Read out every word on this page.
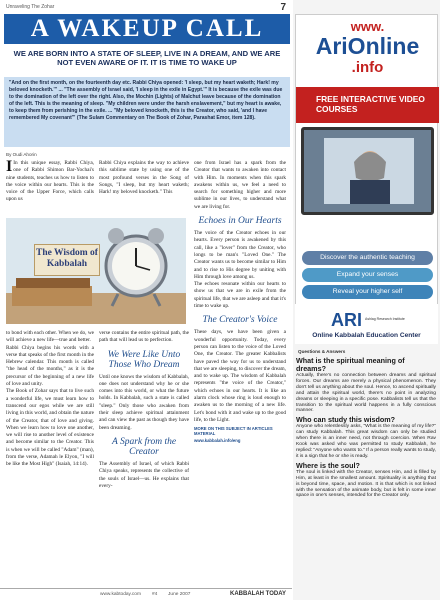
Unraveling The Zohar	7
A WAKEUP CALL
WE ARE BORN INTO A STATE OF SLEEP, LIVE IN A DREAM, AND WE ARE NOT EVEN AWARE OF IT. IT IS TIME TO WAKE UP
"And on the first month, on the fourteenth day etc. Rabbi Chiya opened: 'I sleep, but my heart waketh; Hark! my beloved knocketh.'" ... "The assembly of Israel said, 'I sleep in the exile in Egypt.'" It is because the exile was due to the domination of the left over the right. Also, the Mochin (Lights) of Malchut leave because of the domination of the left. This is the meaning of sleep. "My children were under the harsh enslavement," but my heart is awake, to keep them from perishing in the exile. ... "My beloved knocketh, this is the Creator, who said, 'and I have remembered My covenant'" (The Sulam Commentary on The Book of Zohar, Parashat Emor, item 128).
By Oudi Ahorin

I In this unique essay, Rabbi Chiya, one of Rabbi Shimon Bar-Yochai's nine students, teaches us how to listen to the voice within our hearts. This is the voice of the Upper Force, which calls upon us

Rabbi Chiya explains the way to achieve this sublime state by using one of the most profound verses in the Song of Songs, "I sleep, but my heart waketh; Hark! my beloved knocketh." This

one from Israel has a spark from the Creator that wants to awaken into contact with Him. In moments when this spark awakens within us, we feel a need to search for something higher and more sublime in our lives, to understand what we are living for.

Echoes in Our Hearts

The voice of the Creator echoes in our hearts. Every person is awakened by this call, like a "lover" from the Creator, who longs to be man's "Loved One." The Creator wants us to become similar to Him and to rise to His degree by uniting with Him through love among us.

The echoes resonate within our hearts to show us that we are in exile from the spiritual life, that we are asleep and that it's time to wake up.

The Creator's Voice

These days, we have been given a wonderful opportunity. Today, every person can listen to the voice of the Loved One, the Creator. The greater Kabbalists have paved the way for us to understand that we are sleeping, to discover the dream, and to wake up. The wisdom of Kabbalah represents "the voice of the Creator," which echoes in our hearts. It is like an alarm clock whose ring is loud enough to awaken us to the morning of a new life. Let's bond with it and wake up to the good life, to the Light.

MORE ON THIS SUBJECT IN ARTICLES MATERIAL
www.kabbalah.info/eng
The Wisdom of Kabbalah

to bond with each other. When we do, we will achieve a new life—true and better.

Rabbi Chiya begins his words with a verse that speaks of the first month in the Hebrew calendar. This month is called "the head of the months," as it is the precursor of the beginning of a new life of love and unity.

The Book of Zohar says that to live such a wonderful life, we must learn how to transcend our egos while we are still living in this world, and obtain the nature of the Creator, that of love and giving. When we learn how to love one another, we will rise to another level of existence and become similar to the Creator. This is when we will be called "Adam" (man), from the verse, Adamah le Elyon, "I will be like the Most High" (Isaiah, 14:14).

verse contains the entire spiritual path, the path that will lead us to perfection.

We Were Like Unto Those Who Dream

Until one knows the wisdom of Kabbalah, one does not understand why he or she comes into this world, or what the future holds. In Kabbalah, such a state is called "sleep." Only those who awaken from their sleep achieve spiritual attainment and can view the past as though they have been dreaming.

A Spark from the Creator

The Assembly of Israel, of which Rabbi Chiya speaks, represents the collective of the souls of Israel—us. He explains that every-

www.kabtoday.com #4 June 2007	KABBALAH TODAY
www.
AriOnline
.info
FREE INTERACTIVE VIDEO COURSES
Discover the authentic teaching
Expand your senses
Reveal your higher self
ARI Ashlag Research Institute
Online Kabbalah Education Center
Questions & Answers
What is the spiritual meaning of dreams?

Actually, there's no connection between dreams and spiritual forces. Our dreams are merely a physical phenomenon. They don't tell us anything about the soul. Hence, to ascend spiritually and attain the spiritual world, there's no point in analyzing dreams or sleeping in a specific pose. Kabbalists tell us that the transition to the spiritual world happens in a fully conscious manner.

Who can study this wisdom?

Anyone who relentlessly asks, "What is the meaning of my life?" can study Kabbalah. This great wisdom can only be studied when there is an inner need, not through coercion. When Rav Kook was asked who was permitted to study Kabbalah, he replied: "Anyone who wants to." If a person really wants to study, it is a sign that he or she is ready.

Where is the soul?

The soul is linked with the Creator, senses Him, and is filled by Him, at least in the smallest amount. Spirituality is anything that is beyond time, space, and motion. It is that which is not linked with the sensation of the animate body, but is felt in some inner space in one's senses, intended for the Creator only.
